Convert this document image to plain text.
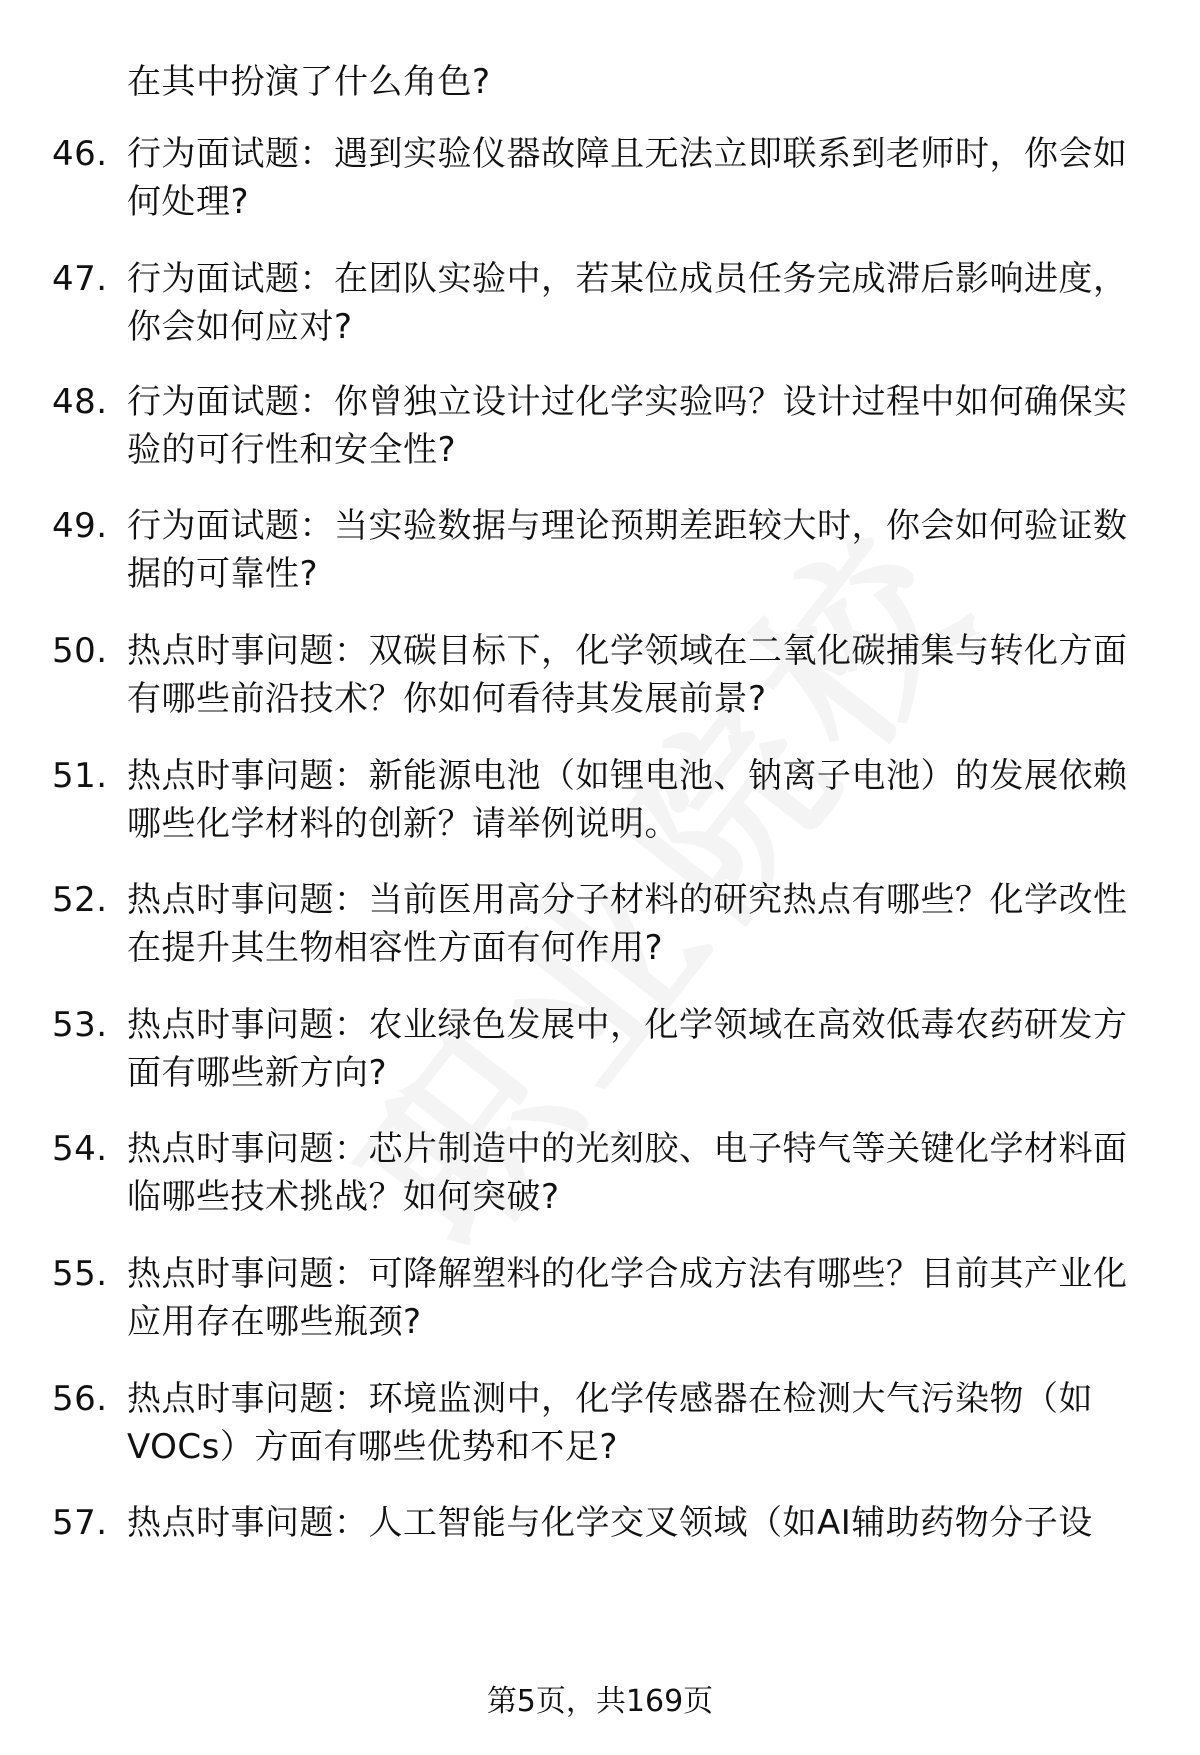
在其中扮演了什么角色?
46. 行为面试题：遇到实验仪器故障且无法立即联系到老师时，你会如何处理?
47. 行为面试题：在团队实验中，若某位成员任务完成滞后影响进度，你会如何应对?
48. 行为面试题：你曾独立设计过化学实验吗？设计过程中如何确保实验的可行性和安全性?
49. 行为面试题：当实验数据与理论预期差距较大时，你会如何验证数据的可靠性?
50. 热点时事问题：双碳目标下，化学领域在二氧化碳捕集与转化方面有哪些前沿技术？你如何看待其发展前景?
51. 热点时事问题：新能源电池（如锂电池、钠离子电池）的发展依赖哪些化学材料的创新？请举例说明。
52. 热点时事问题：当前医用高分子材料的研究热点有哪些？化学改性在提升其生物相容性方面有何作用?
53. 热点时事问题：农业绿色发展中，化学领域在高效低毒农药研发方面有哪些新方向?
54. 热点时事问题：芯片制造中的光刻胶、电子特气等关键化学材料面临哪些技术挑战？如何突破?
55. 热点时事问题：可降解塑料的化学合成方法有哪些？目前其产业化应用存在哪些瓶颈?
56. 热点时事问题：环境监测中，化学传感器在检测大气污染物（如VOCs）方面有哪些优势和不足?
57. 热点时事问题：人工智能与化学交叉领域（如AI辅助药物分子设
第5页，共169页
